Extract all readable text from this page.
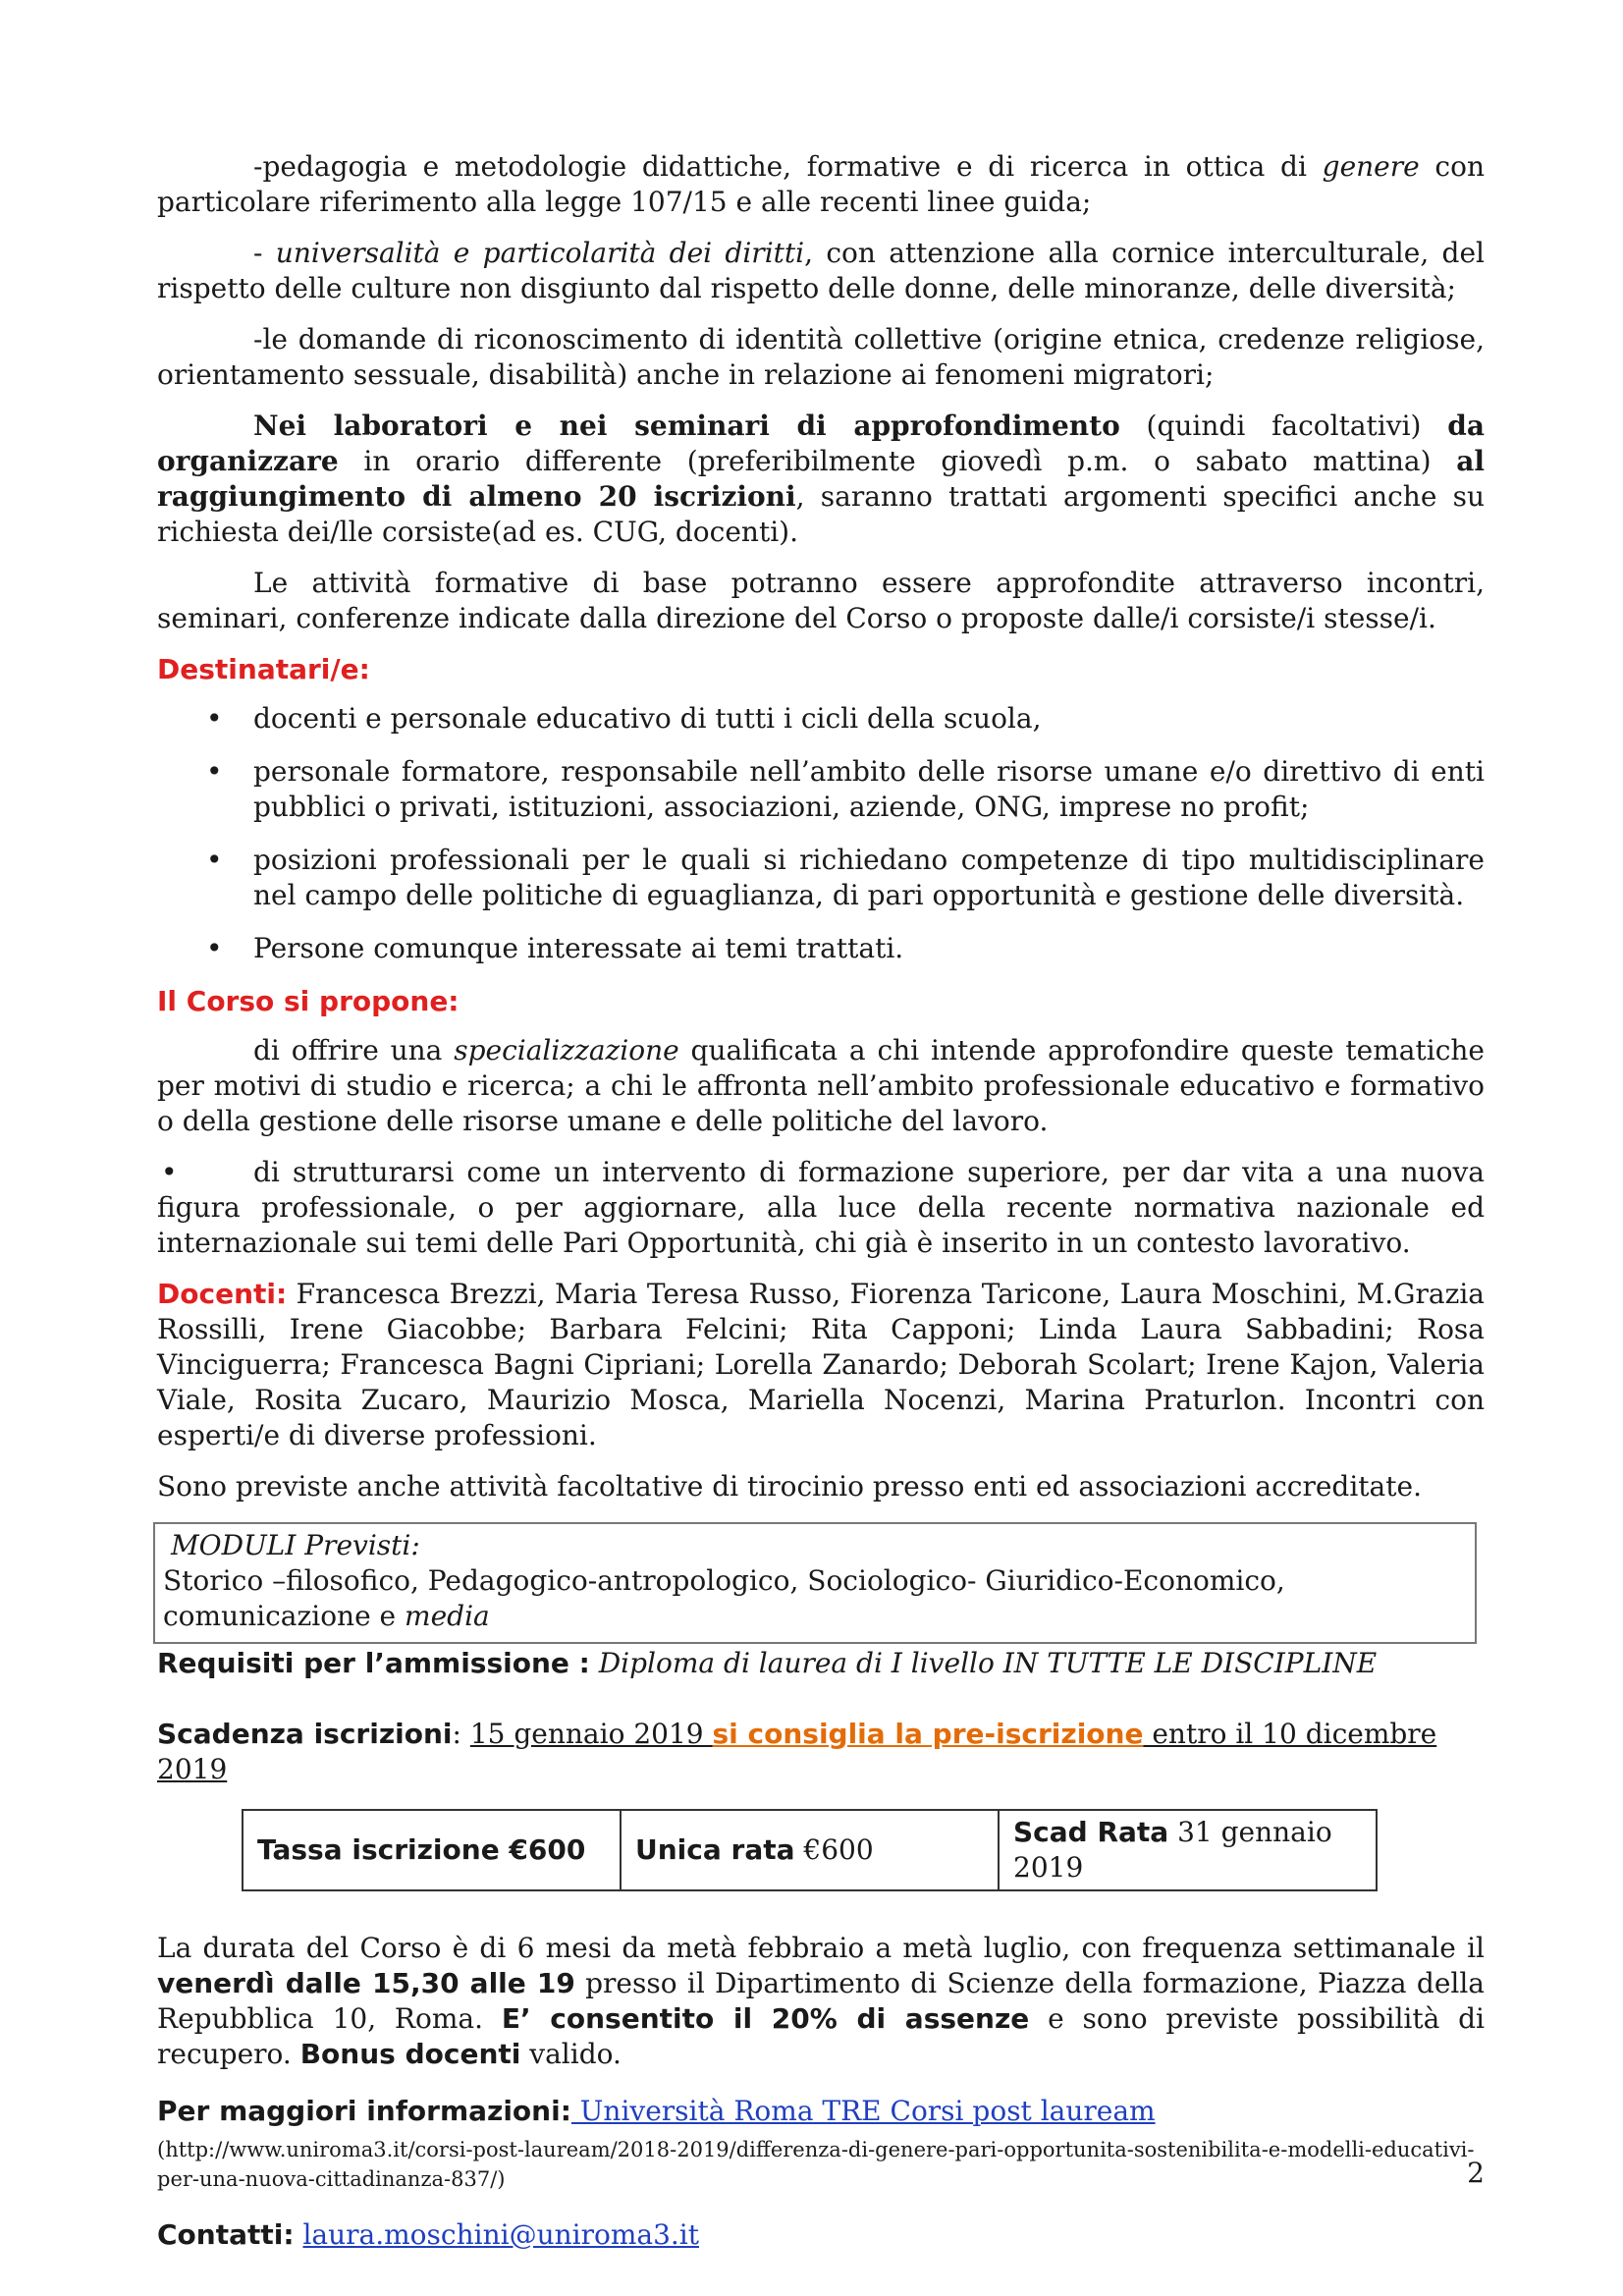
-pedagogia e metodologie didattiche, formative e di ricerca in ottica di genere con particolare riferimento alla legge 107/15 e alle recenti linee guida;

- universalità e particolarità dei diritti, con attenzione alla cornice interculturale, del rispetto delle culture non disgiunto dal rispetto delle donne, delle minoranze, delle diversità;

-le domande di riconoscimento di identità collettive (origine etnica, credenze religiose, orientamento sessuale, disabilità) anche in relazione ai fenomeni migratori;

Nei laboratori e nei seminari di approfondimento (quindi facoltativi) da organizzare in orario differente (preferibilmente giovedì p.m. o sabato mattina) al raggiungimento di almeno 20 iscrizioni, saranno trattati argomenti specifici anche su richiesta dei/lle corsiste(ad es. CUG, docenti).

Le attività formative di base potranno essere approfondite attraverso incontri, seminari, conferenze indicate dalla direzione del Corso o proposte dalle/i corsiste/i stesse/i.

Destinatari/e:
• docenti e personale educativo di tutti i cicli della scuola,
• personale formatore, responsabile nell’ambito delle risorse umane e/o direttivo di enti pubblici o privati, istituzioni, associazioni, aziende, ONG, imprese no profit;
• posizioni professionali per le quali si richiedano competenze di tipo multidisciplinare nel campo delle politiche di eguaglianza, di pari opportunità e gestione delle diversità.
• Persone comunque interessate ai temi trattati.
Il Corso si propone:

di offrire una specializzazione qualificata a chi intende approfondire queste tematiche per motivi di studio e ricerca; a chi le affronta nell’ambito professionale educativo e formativo o della gestione delle risorse umane e delle politiche del lavoro.

•	di strutturarsi come un intervento di formazione superiore, per dar vita a una nuova figura professionale, o per aggiornare, alla luce della recente normativa nazionale ed internazionale sui temi delle Pari Opportunità, chi già è inserito in un contesto lavorativo.

Docenti: Francesca Brezzi, Maria Teresa Russo, Fiorenza Taricone, Laura Moschini, M.Grazia Rossilli, Irene Giacobbe; Barbara Felcini; Rita Capponi; Linda Laura Sabbadini; Rosa Vinciguerra; Francesca Bagni Cipriani; Lorella Zanardo; Deborah Scolart; Irene Kajon, Valeria Viale, Rosita Zucaro, Maurizio Mosca, Mariella Nocenzi, Marina Praturlon. Incontri con esperti/e di diverse professioni.

Sono previste anche attività facoltative di tirocinio presso enti ed associazioni accreditate.

MODULI Previsti:
Storico –filosofico, Pedagogico-antropologico, Sociologico- Giuridico-Economico, comunicazione e media
Requisiti per l’ammissione : Diploma di laurea di I livello IN TUTTE LE DISCIPLINE
Scadenza iscrizioni: 15 gennaio 2019 si consiglia la pre-iscrizione entro il 10 dicembre 2019
Tassa iscrizione €600	Unica rata €600	Scad Rata 31 gennaio 2019

La durata del Corso è di 6 mesi da metà febbraio a metà luglio, con frequenza settimanale il venerdì dalle 15,30 alle 19 presso il Dipartimento di Scienze della formazione, Piazza della Repubblica 10, Roma. E’ consentito il 20% di assenze e sono previste possibilità di recupero. Bonus docenti valido.

Per maggiori informazioni: Università Roma TRE Corsi post lauream
(http://www.uniroma3.it/corsi-post-lauream/2018-2019/differenza-di-genere-pari-opportunita-sostenibilita-e-modelli-educativi-per-una-nuova-cittadinanza-837/)
Contatti: laura.moschini@uniroma3.it
2
